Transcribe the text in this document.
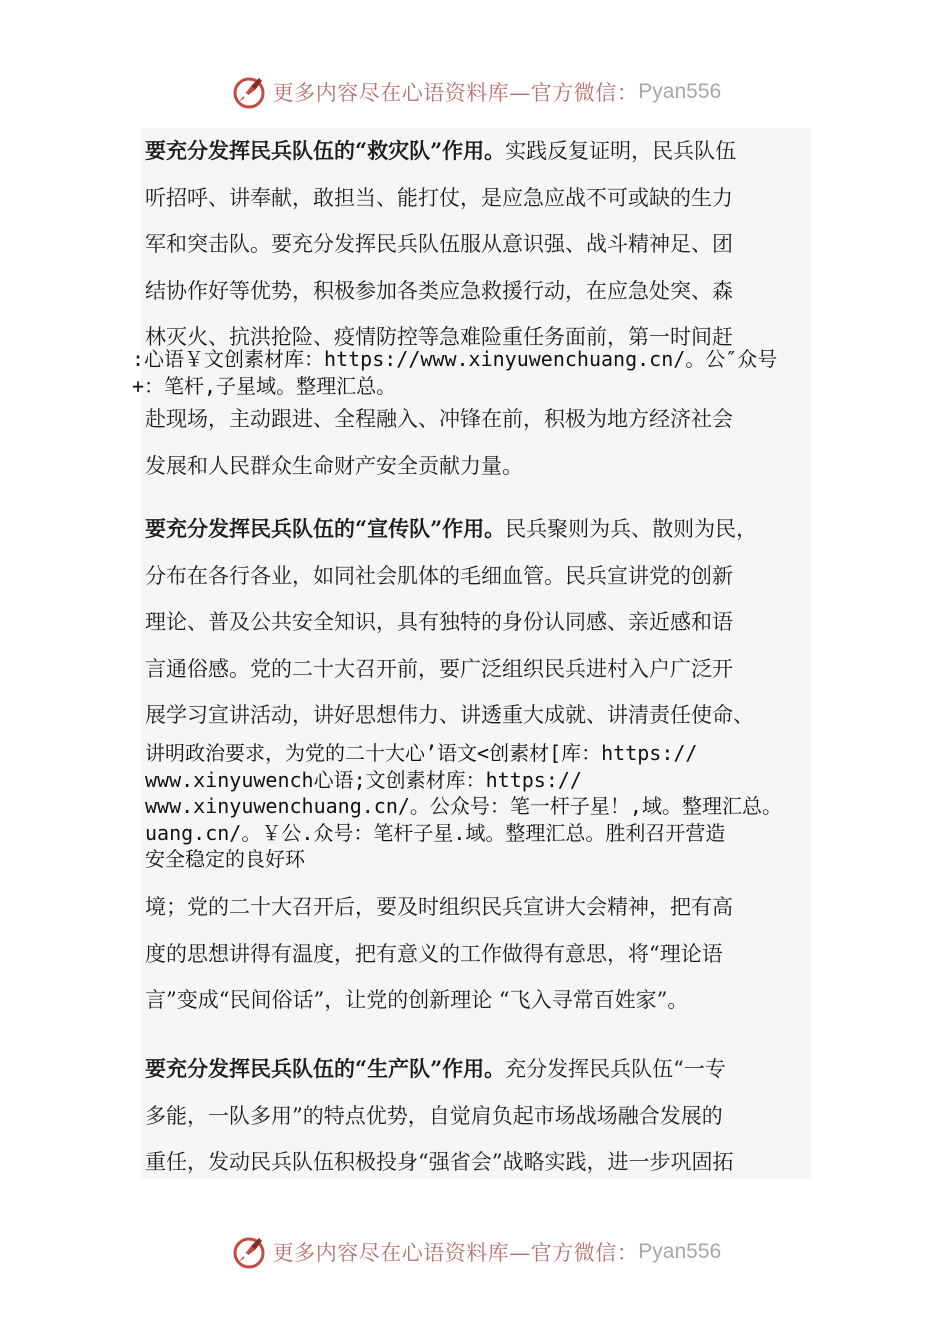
更多内容尽在心语资料库—官方微信： Pyan556
要充分发挥民兵队伍的“救灾队”作用。实践反复证明，民兵队伍
听招呼、讲奉献，敢担当、能打仗，是应急应战不可或缺的生力
军和突击队。要充分发挥民兵队伍服从意识强、战斗精神足、团
结协作好等优势，积极参加各类应急救援行动，在应急处突、森
林灭火、抗洪抢险、疫情防控等急难险重任务面前，第一时间赶
:心语￥文创素材库：https://www.xinyuwenchuang.cn/。公″众号
+：笔杆,子星域。整理汇总。
赴现场，主动跟进、全程融入、冲锋在前，积极为地方经济社会
发展和人民群众生命财产安全贡献力量。
要充分发挥民兵队伍的“宣传队”作用。民兵聚则为兵、散则为民，
分布在各行各业，如同社会肌体的毛细血管。民兵宣讲党的创新
理论、普及公共安全知识，具有独特的身份认同感、亲近感和语
言通俗感。党的二十大召开前，要广泛组织民兵进村入户广泛开
展学习宣讲活动，讲好思想伟力、讲透重大成就、讲清责任使命、
讲明政治要求，为党的二十大心’语文<创素材[库：https://
www.xinyuwench心语;文创素材库：https://
www.xinyuwenchuang.cn/。公众号：笔一杆子星！,域。整理汇总。
uang.cn/。￥公.众号：笔杆子星.域。整理汇总。胜利召开营造
安全稳定的良好环
境；党的二十大召开后，要及时组织民兵宣讲大会精神，把有高
度的思想讲得有温度，把有意义的工作做得有意思，将“理论语
言”变成“民间俗话”，让党的创新理论 “飞入寻常百姓家”。
要充分发挥民兵队伍的“生产队”作用。充分发挥民兵队伍“一专
多能，一队多用”的特点优势，自觉肩负起市场战场融合发展的
重任，发动民兵队伍积极投身“强省会”战略实践，进一步巩固拓
更多内容尽在心语资料库—官方微信： Pyan556
